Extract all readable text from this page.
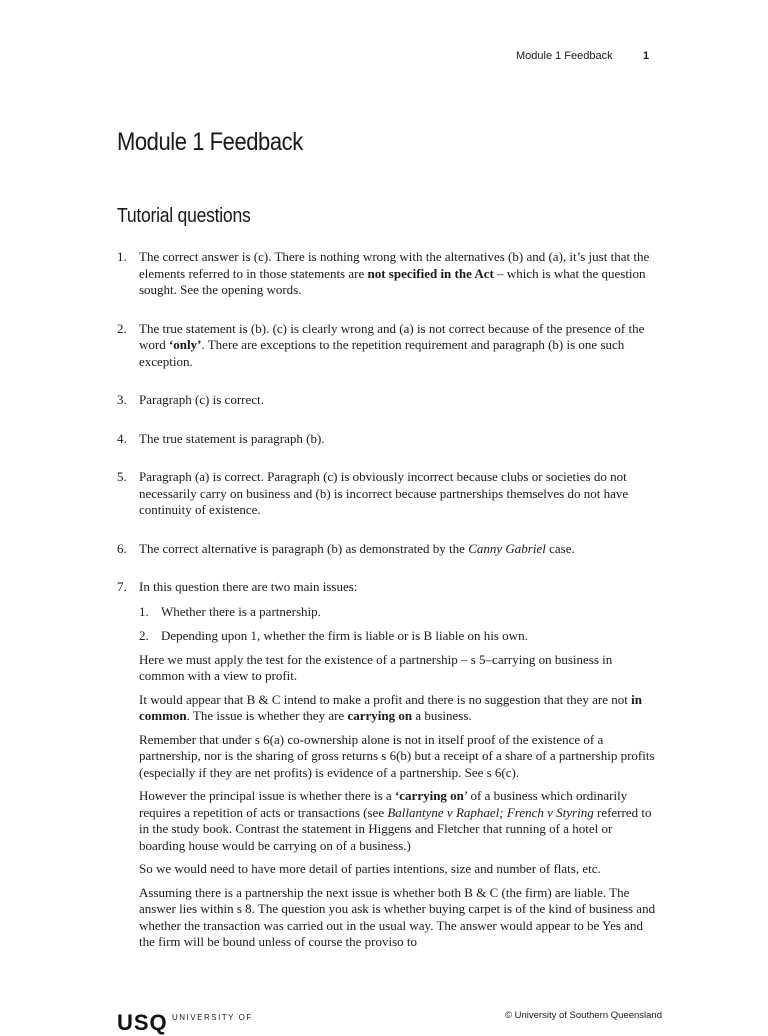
Module 1 Feedback	1
Module 1 Feedback
Tutorial questions
1. The correct answer is (c). There is nothing wrong with the alternatives (b) and (a), it’s just that the elements referred to in those statements are not specified in the Act – which is what the question sought. See the opening words.
2. The true statement is (b). (c) is clearly wrong and (a) is not correct because of the presence of the word ‘only’. There are exceptions to the repetition requirement and paragraph (b) is one such exception.
3. Paragraph (c) is correct.
4. The true statement is paragraph (b).
5. Paragraph (a) is correct. Paragraph (c) is obviously incorrect because clubs or societies do not necessarily carry on business and (b) is incorrect because partnerships themselves do not have continuity of existence.
6. The correct alternative is paragraph (b) as demonstrated by the Canny Gabriel case.
7. In this question there are two main issues:
1. Whether there is a partnership.
2. Depending upon 1, whether the firm is liable or is B liable on his own.
Here we must apply the test for the existence of a partnership – s 5–carrying on business in common with a view to profit.
It would appear that B & C intend to make a profit and there is no suggestion that they are not in common. The issue is whether they are carrying on a business.
Remember that under s 6(a) co-ownership alone is not in itself proof of the existence of a partnership, nor is the sharing of gross returns s 6(b) but a receipt of a share of a partnership profits (especially if they are net profits) is evidence of a partnership. See s 6(c).
However the principal issue is whether there is a ‘carrying on’ of a business which ordinarily requires a repetition of acts or transactions (see Ballantyne v Raphael; French v Styring referred to in the study book. Contrast the statement in Higgens and Fletcher that running of a hotel or boarding house would be carrying on of a business.)
So we would need to have more detail of parties intentions, size and number of flats, etc.
Assuming there is a partnership the next issue is whether both B & C (the firm) are liable. The answer lies within s 8. The question you ask is whether buying carpet is of the kind of business and whether the transaction was carried out in the usual way. The answer would appear to be Yes and the firm will be bound unless of course the proviso to
USQ UNIVERSITY OF	© University of Southern Queensland
